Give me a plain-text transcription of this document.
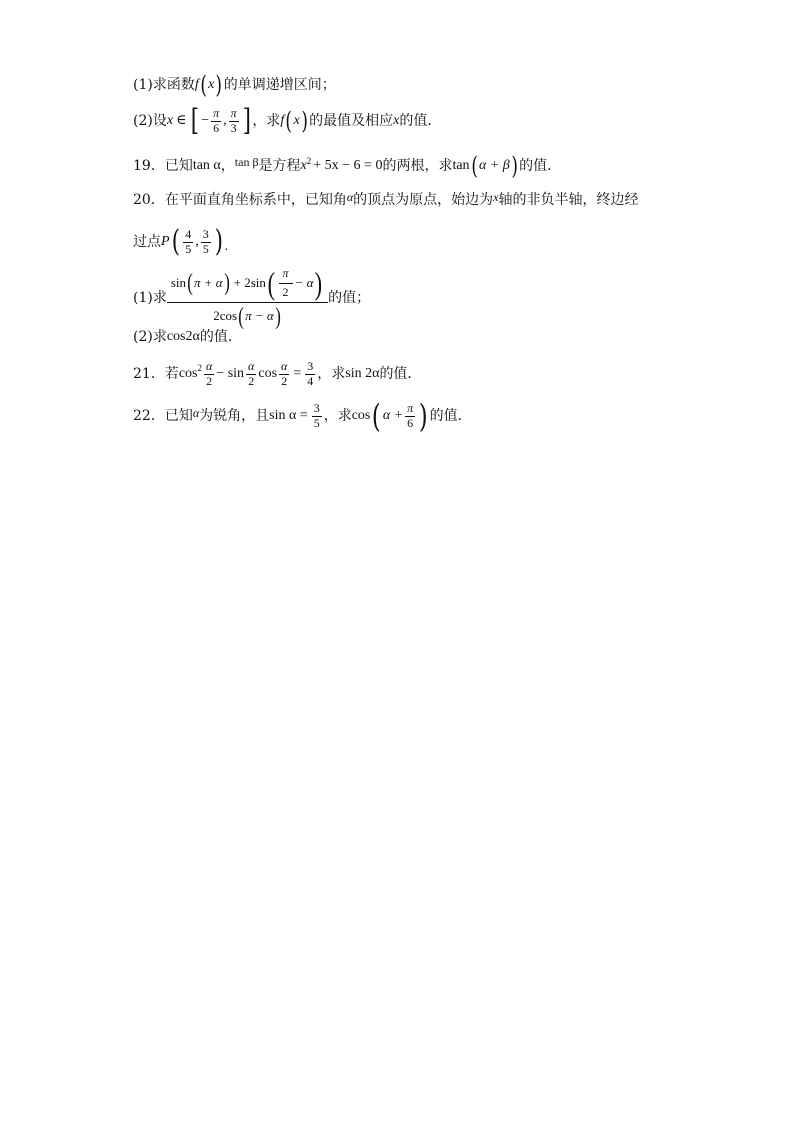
(1)求函数 f ( x ) 的单调递增区间；
(2)设 x ∈ [ − $\frac{\pi}{6}$ , $\frac{\pi}{3}$ ] ，求 f ( x ) 的最值及相应 x 的值.
19．已知 tan α ， tan β 是方程 $x^2 + 5x - 6 = 0$ 的两根，求 tan ( α + β ) 的值．
20．在平面直角坐标系中，已知角 α 的顶点为原点，始边为 x 轴的非负半轴，终边经
过点 P ( $\frac{4}{5}$ , $\frac{3}{5}$ ) .
(1)求
sin ( π + α ) + 2sin ( $\frac{\pi}{2} - \alpha$ )
2cos ( π − α )
的值；
(2)求 cos2α 的值.
21．若 $\cos^2 \frac{\alpha}{2} - \sin \frac{\alpha}{2}$ $\cos \frac{\alpha}{2} = \frac{3}{4}$ ，求 sin 2α 的值．
22．已知 α 为锐角，且 $\sin \alpha = \frac{3}{5}$ ，求 cos ( $\alpha + \frac{\pi}{6}$ ) 的值．
